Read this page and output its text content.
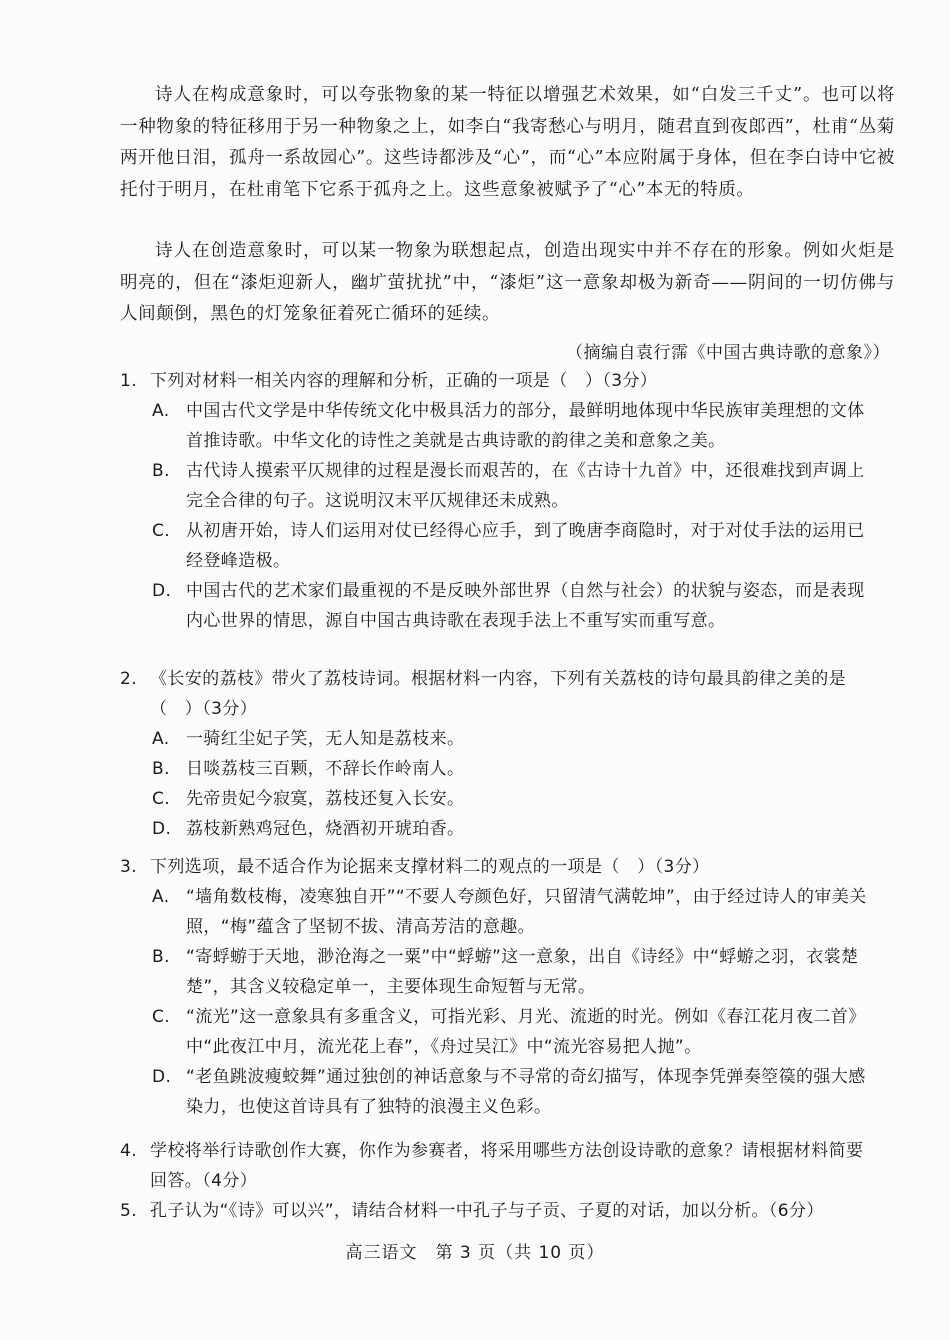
诗人在构成意象时，可以夸张物象的某一特征以增强艺术效果，如“白发三千丈”。也可以将一种物象的特征移用于另一种物象之上，如李白“我寄愁心与明月，随君直到夜郎西”，杜甫“丛菊两开他日泪，孤舟一系故园心”。这些诗都涉及“心”，而“心”本应附属于身体，但在李白诗中它被托付于明月，在杜甫笔下它系于孤舟之上。这些意象被赋予了“心”本无的特质。

诗人在创造意象时，可以某一物象为联想起点，创造出现实中并不存在的形象。例如火炬是明亮的，但在“漆炬迎新人，幽圹萤扰扰”中，“漆炬”这一意象却极为新奇——阴间的一切仿佛与人间颠倒，黑色的灯笼象征着死亡循环的延续。

（摘编自袁行霈《中国古典诗歌的意象》）
1. 下列对材料一相关内容的理解和分析，正确的一项是（　）（3分）
A. 中国古代文学是中华传统文化中极具活力的部分，最鲜明地体现中华民族审美理想的文体首推诗歌。中华文化的诗性之美就是古典诗歌的韵律之美和意象之美。
B. 古代诗人摸索平仄规律的过程是漫长而艰苦的，在《古诗十九首》中，还很难找到声调上完全合律的句子。这说明汉末平仄规律还未成熟。
C. 从初唐开始，诗人们运用对仗已经得心应手，到了晚唐李商隐时，对于对仗手法的运用已经登峰造极。
D. 中国古代的艺术家们最重视的不是反映外部世界（自然与社会）的状貌与姿态，而是表现内心世界的情思，源自中国古典诗歌在表现手法上不重写实而重写意。
2. 《长安的荔枝》带火了荔枝诗词。根据材料一内容，下列有关荔枝的诗句最具韵律之美的是（　）（3分）
A. 一骑红尘妃子笑，无人知是荔枝来。
B. 日啖荔枝三百颗，不辞长作岭南人。
C. 先帝贵妃今寂寞，荔枝还复入长安。
D. 荔枝新熟鸡冠色，烧酒初开琥珀香。
3. 下列选项，最不适合作为论据来支撑材料二的观点的一项是（　）（3分）
A. “墙角数枝梅，凌寒独自开”“不要人夸颜色好，只留清气满乾坤”，由于经过诗人的审美关照，“梅”蕴含了坚韧不拔、清高芳洁的意趣。
B. “寄蜉蝣于天地，渺沧海之一粟”中“蜉蝣”这一意象，出自《诗经》中“蜉蝣之羽，衣裳楚楚”，其含义较稳定单一，主要体现生命短暂与无常。
C. “流光”这一意象具有多重含义，可指光彩、月光、流逝的时光。例如《春江花月夜二首》中“此夜江中月，流光花上春”，《舟过吴江》中“流光容易把人抛”。
D. “老鱼跳波瘦蛟舞”通过独创的神话意象与不寻常的奇幻描写，体现李凭弹奏箜篌的强大感染力，也使这首诗具有了独特的浪漫主义色彩。
4. 学校将举行诗歌创作大赛，你作为参赛者，将采用哪些方法创设诗歌的意象？请根据材料简要回答。（4分）
5. 孔子认为“《诗》可以兴”，请结合材料一中孔子与子贡、子夏的对话，加以分析。（6分）
高三语文　第 3 页（共 10 页）
